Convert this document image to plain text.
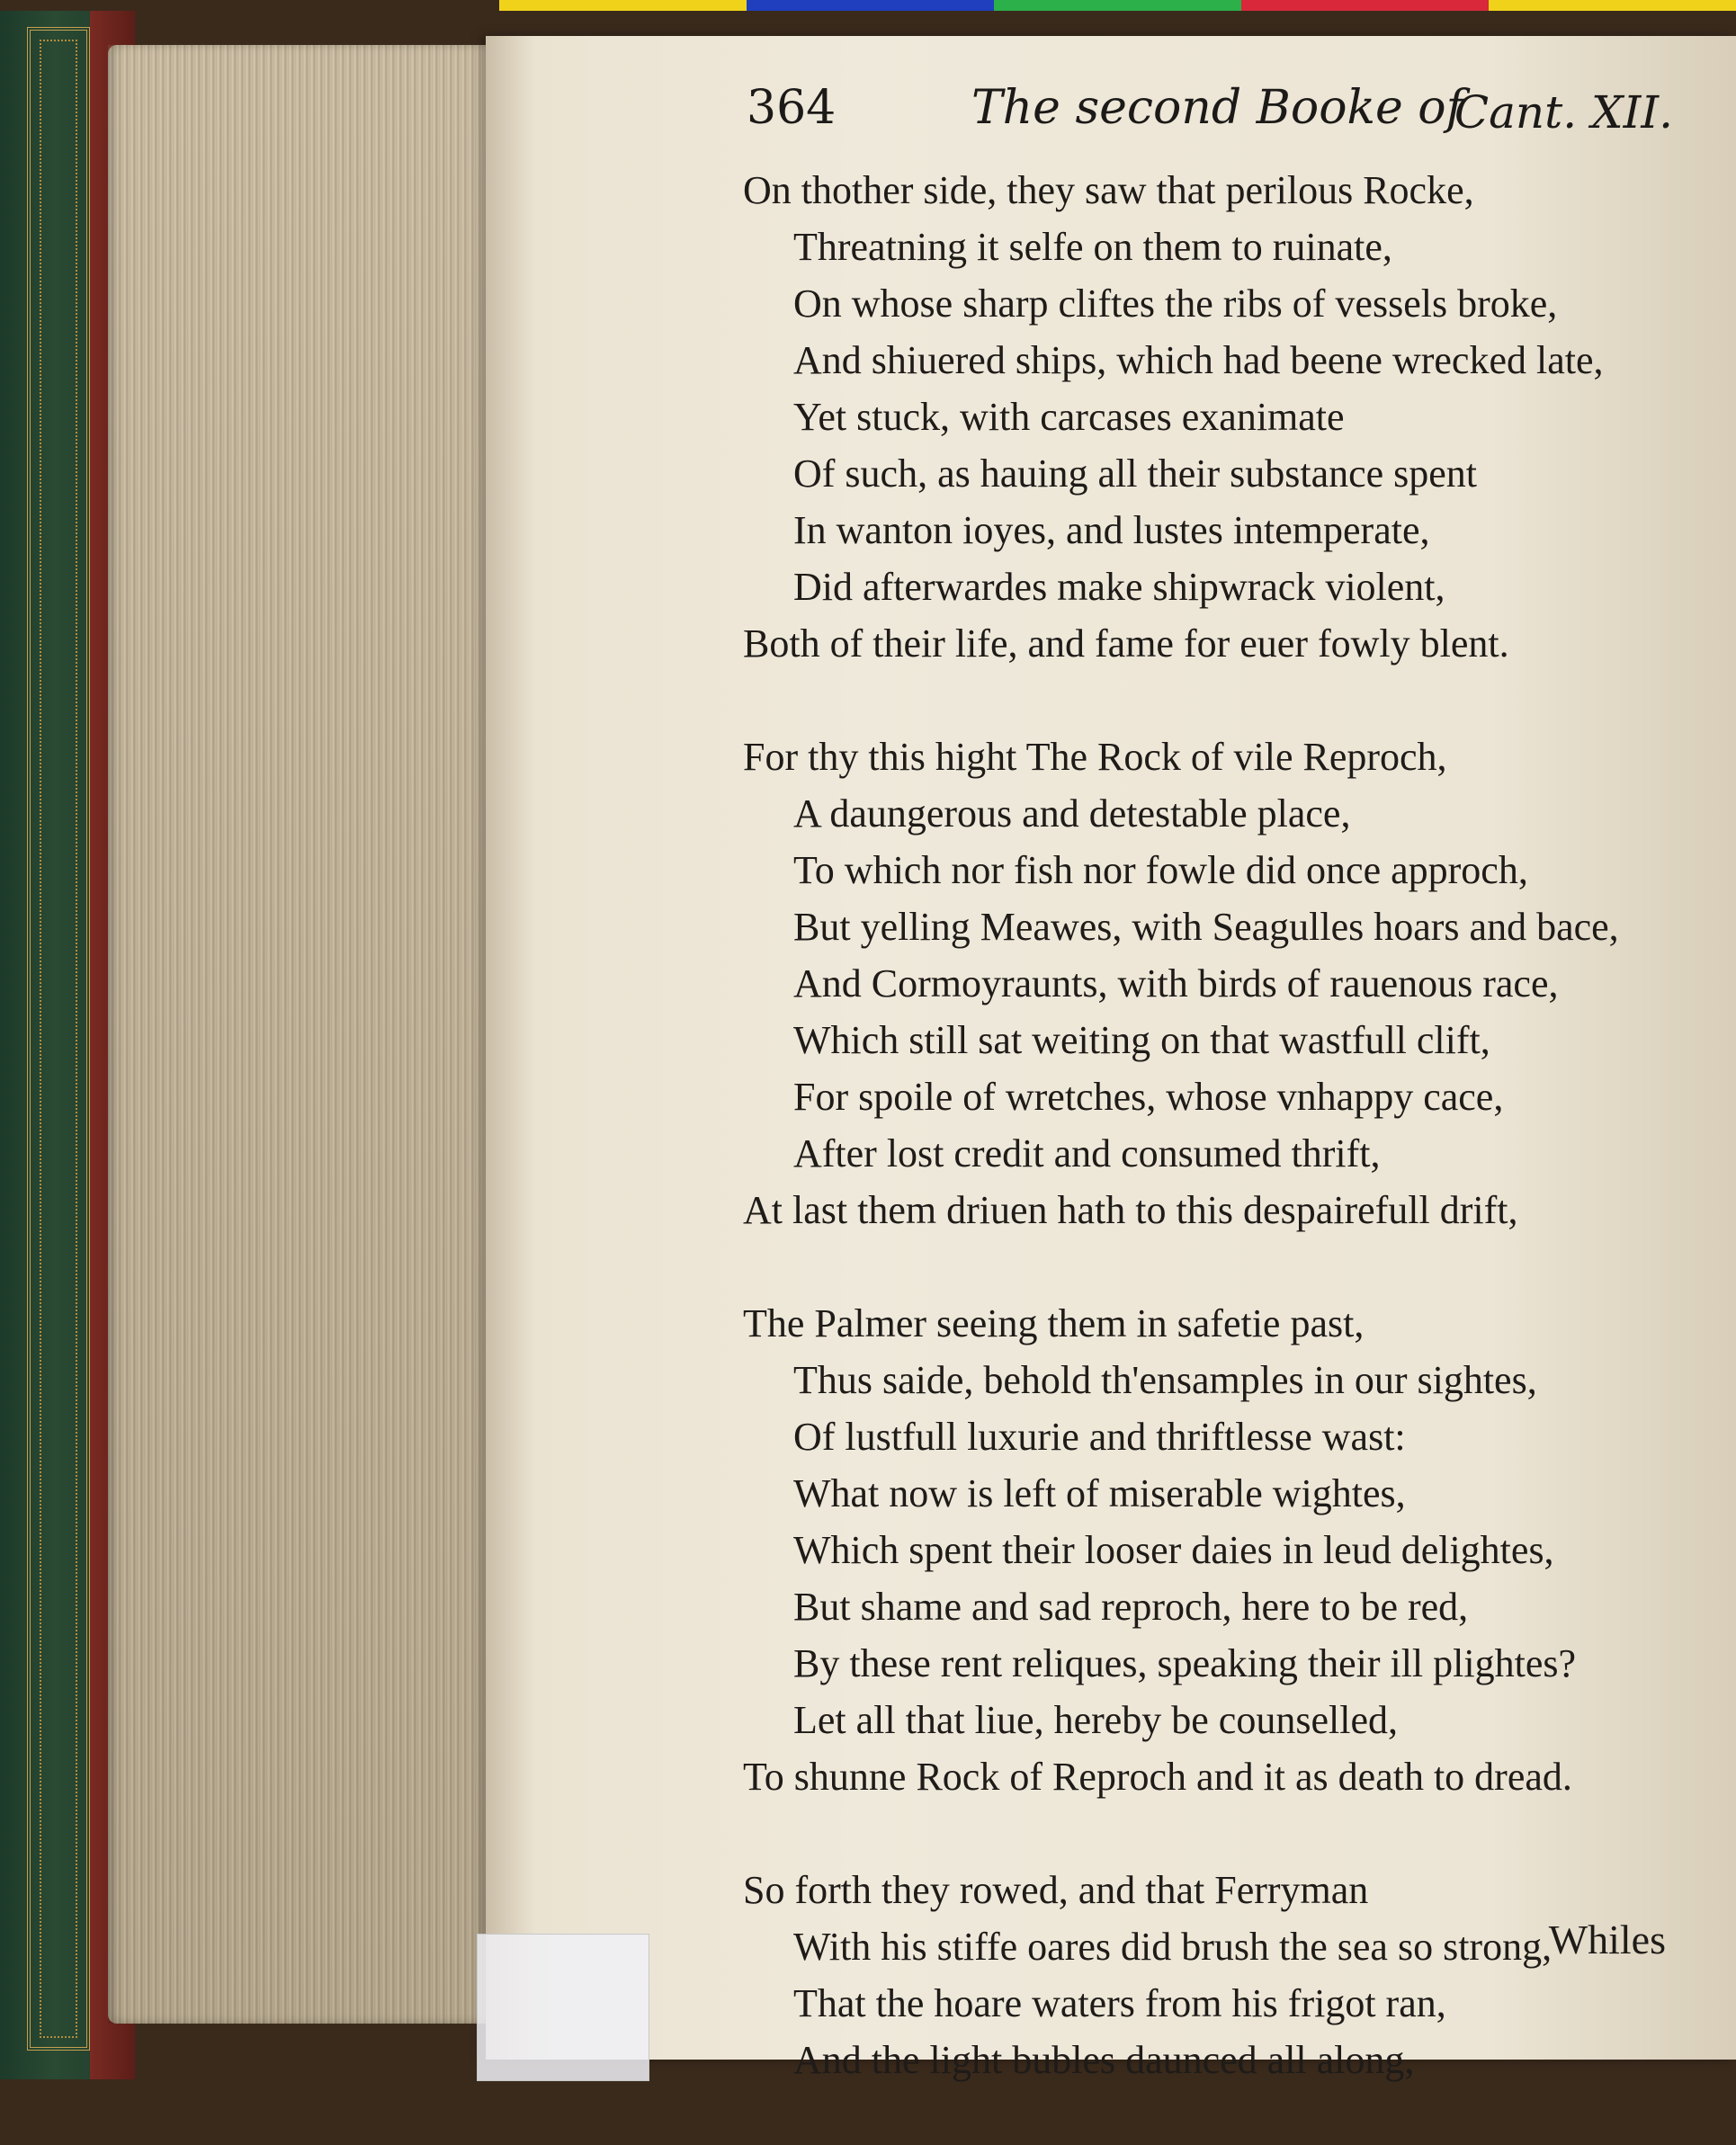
364	The second Booke of
Cant. XII.
On thother side, they saw that perilous Rocke,
Threatning it selfe on them to ruinate,
On whose sharp cliftes the ribs of vessels broke,
And shiuered ships, which had beene wrecked late,
Yet stuck, with carcases exanimate
Of such, as hauing all their substance spent
In wanton ioyes, and lustes intemperate,
Did afterwardes make shipwrack violent,
Both of their life, and fame for euer fowly blent.
For thy this hight The Rock of vile Reproch,
A daungerous and detestable place,
To which nor fish nor fowle did once approch,
But yelling Meawes, with Seagulles hoars and bace,
And Cormoyraunts, with birds of rauenous race,
Which still sat weiting on that wastfull clift,
For spoile of wretches, whose vnhappy cace,
After lost credit and consumed thrift,
At last them driuen hath to this despairefull drift,
The Palmer seeing them in safetie past,
Thus saide, behold th'ensamples in our sightes,
Of lustfull luxurie and thriftlesse wast:
What now is left of miserable wightes,
Which spent their looser daies in leud delightes,
But shame and sad reproch, here to be red,
By these rent reliques, speaking their ill plightes?
Let all that liue, hereby be counselled,
To shunne Rock of Reproch and it as death to dread.
So forth they rowed, and that Ferryman
With his stiffe oares did brush the sea so strong,
That the hoare waters from his frigot ran,
And the light bubles daunced all along,
Whiles
